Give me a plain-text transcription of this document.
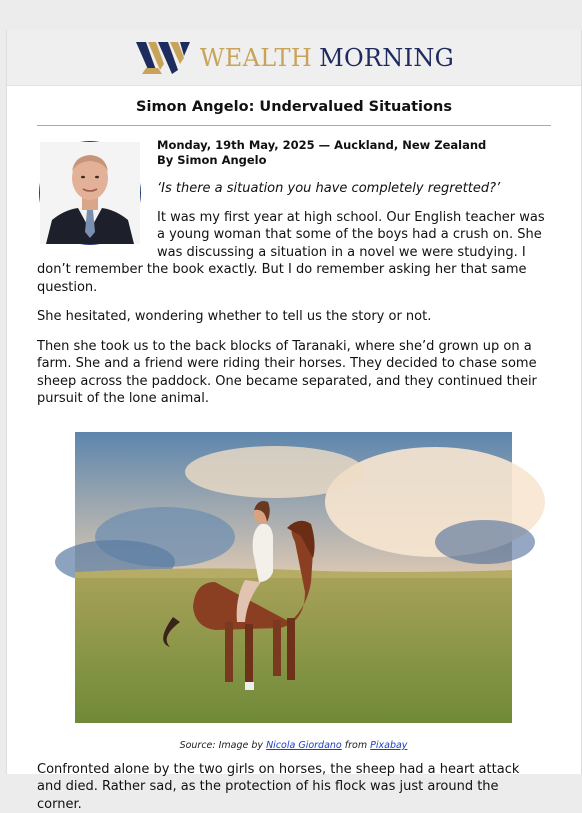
WEALTH MORNING
Simon Angelo: Undervalued Situations
Monday, 19th May, 2025 — Auckland, New Zealand
By Simon Angelo

‘Is there a situation you have completely regretted?’

It was my first year at high school. Our English teacher was a young woman that some of the boys had a crush on. She was discussing a situation in a novel we were studying. I don’t remember the book exactly. But I do remember asking her that same question.

She hesitated, wondering whether to tell us the story or not.

Then she took us to the back blocks of Taranaki, where she’d grown up on a farm. She and a friend were riding their horses. They decided to chase some sheep across the paddock. One became separated, and they continued their pursuit of the lone animal.

Source: Image by Nicola Giordano from Pixabay

Confronted alone by the two girls on horses, the sheep had a heart attack and died. Rather sad, as the protection of his flock was just around the corner.
